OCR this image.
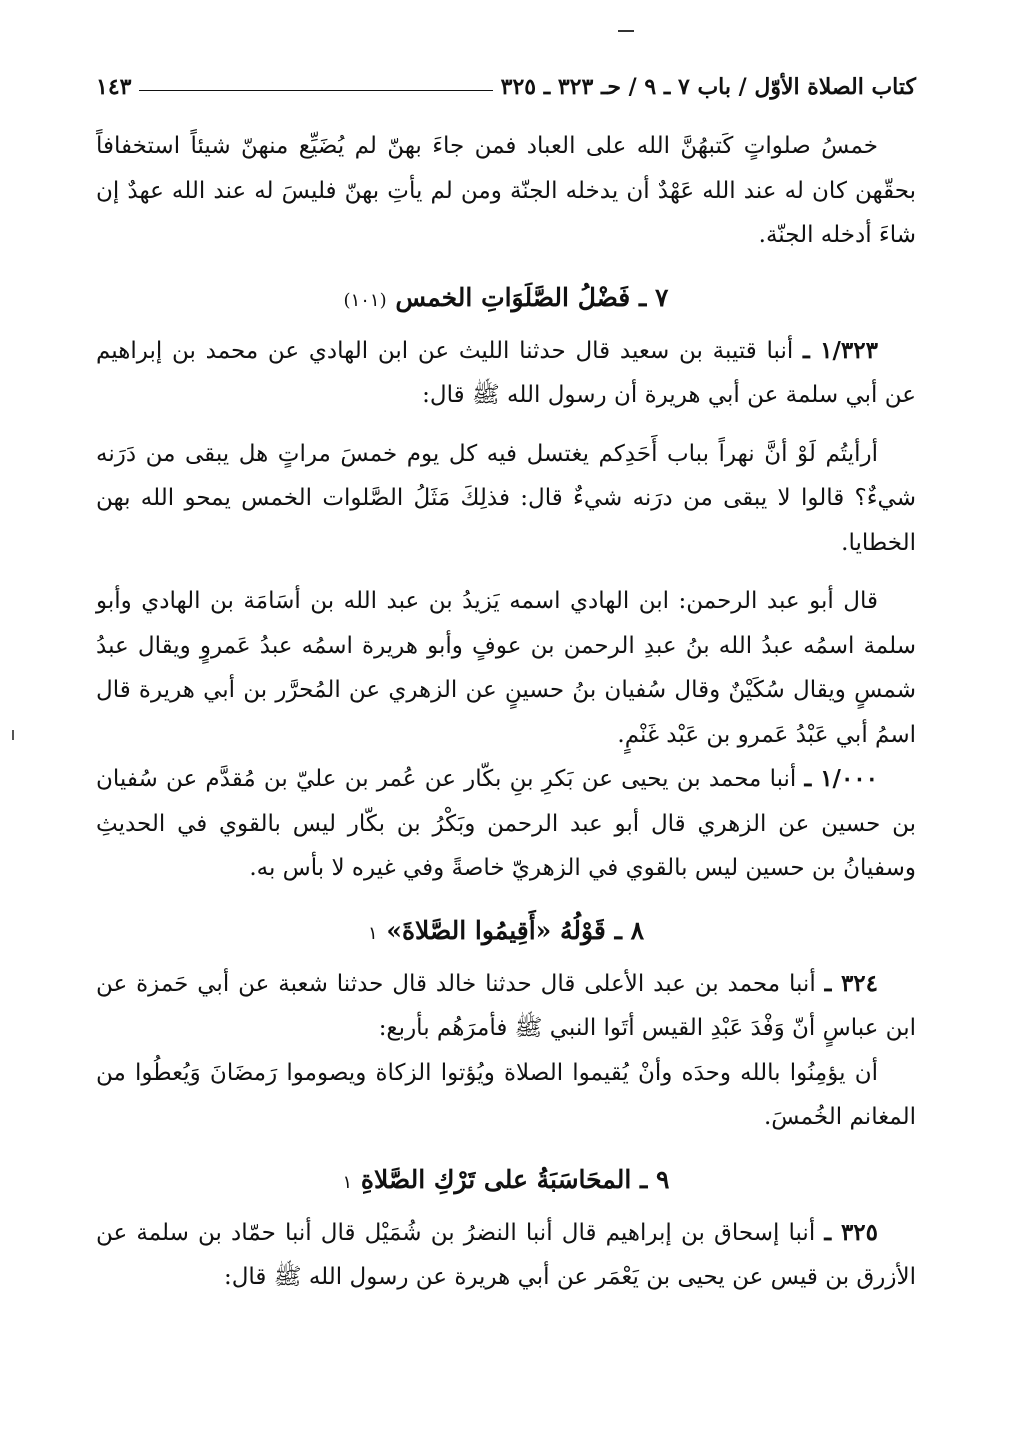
كتاب الصلاة الأوّل / باب ٧ ـ ٩ / حـ ٣٢٣ ـ ٣٢٥
١٤٣

خمسُ صلواتٍ كَتبهُنَّ الله على العباد فمن جاءَ بهنّ لم يُضَيِّع منهنّ شيئاً استخفافاً بحقّهن كان له عند الله عَهْدٌ أن يدخله الجنّة ومن لم يأتِ بهنّ فليسَ له عند الله عهدٌ إن شاءَ أدخله الجنّة.

٧ ـ فَضْلُ الصَّلَوَاتِ الخمس (١٠١)

١/٣٢٣ ـ أنبا قتيبة بن سعيد قال حدثنا الليث عن ابن الهادي عن محمد بن إبراهيم عن أبي سلمة عن أبي هريرة أن رسول الله ﷺ قال:

أرأيتُم لَوْ أنَّ نهراً بباب أَحَدِكم يغتسل فيه كل يوم خمسَ مراتٍ هل يبقى من دَرَنه شيءٌ؟ قالوا لا يبقى من درَنه شيءٌ قال: فذلِكَ مَثَلُ الصَّلوات الخمس يمحو الله بهن الخطايا.

قال أبو عبد الرحمن: ابن الهادي اسمه يَزيدُ بن عبد الله بن أسَامَة بن الهادي وأبو سلمة اسمُه عبدُ الله بنُ عبدِ الرحمن بن عوفٍ وأبو هريرة اسمُه عبدُ عَمروٍ ويقال عبدُ شمسٍ ويقال سُكَيْنٌ وقال سُفيان بنُ حسينٍ عن الزهري عن المُحرَّر بن أبي هريرة قال اسمُ أبي عَبْدُ عَمرو بن عَبْد غَنْمٍ.

١/٠٠٠ ـ أنبا محمد بن يحيى عن بَكرِ بنِ بكّار عن عُمر بن عليّ بن مُقدَّم عن سُفيان بن حسين عن الزهري قال أبو عبد الرحمن وبَكْرُ بن بكّار ليس بالقوي في الحديثِ وسفيانُ بن حسين ليس بالقوي في الزهريّ خاصةً وفي غيره لا بأس به.

٨ ـ قَوْلُهُ «أَقِيمُوا الصَّلاةَ» ١

٣٢٤ ـ أنبا محمد بن عبد الأعلى قال حدثنا خالد قال حدثنا شعبة عن أبي حَمزة عن ابن عباسٍ أنّ وَفْدَ عَبْدِ القيس أتَوا النبي ﷺ فأمرَهُم بأربع:

أن يؤمِنُوا بالله وحدَه وأنْ يُقيموا الصلاة ويُؤتوا الزكاة ويصوموا رَمضَانَ وَيُعطُوا من المغانم الخُمسَ.

٩ ـ المحَاسَبَةُ على تَرْكِ الصَّلاةِ ١

٣٢٥ ـ أنبا إسحاق بن إبراهيم قال أنبا النضرُ بن شُمَيْل قال أنبا حمّاد بن سلمة عن الأزرق بن قيس عن يحيى بن يَعْمَر عن أبي هريرة عن رسول الله ﷺ قال:
